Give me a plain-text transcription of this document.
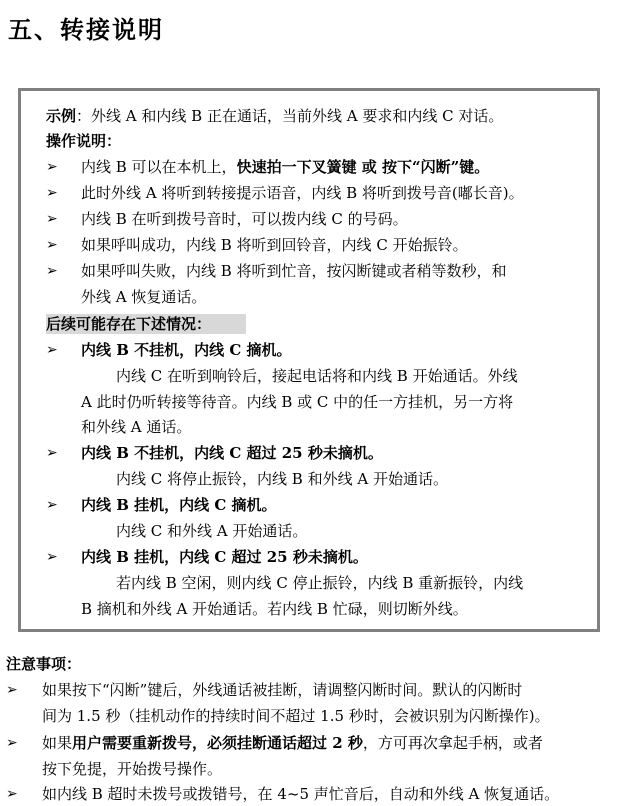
五、转接说明
示例：外线 A 和内线 B 正在通话，当前外线 A 要求和内线 C 对话。
操作说明：
➢ 内线 B 可以在本机上，快速拍一下叉簧键 或 按下“闪断”键。
➢ 此时外线 A 将听到转接提示语音，内线 B 将听到拨号音(嘟长音)。
➢ 内线 B 在听到拨号音时，可以拨内线 C 的号码。
➢ 如果呼叫成功，内线 B 将听到回铃音，内线 C 开始振铃。
➢ 如果呼叫失败，内线 B 将听到忙音，按闪断键或者稍等数秒，和
外线 A 恢复通话。
后续可能存在下述情况：
➢ 内线 B 不挂机，内线 C 摘机。
内线 C 在听到响铃后，接起电话将和内线 B 开始通话。外线
A 此时仍听转接等待音。内线 B 或 C 中的任一方挂机，另一方将
和外线 A 通话。
➢ 内线 B 不挂机，内线 C 超过 25 秒未摘机。
内线 C 将停止振铃，内线 B 和外线 A 开始通话。
➢ 内线 B 挂机，内线 C 摘机。
内线 C 和外线 A 开始通话。
➢ 内线 B 挂机，内线 C 超过 25 秒未摘机。
若内线 B 空闲，则内线 C 停止振铃，内线 B 重新振铃，内线
B 摘机和外线 A 开始通话。若内线 B 忙碌，则切断外线。
注意事项：
➢ 如果按下“闪断”键后，外线通话被挂断，请调整闪断时间。默认的闪断时
间为 1.5 秒（挂机动作的持续时间不超过 1.5 秒时，会被识别为闪断操作)。
➢ 如果用户需要重新拨号，必须挂断通话超过 2 秒，方可再次拿起手柄，或者
按下免提，开始拨号操作。
➢ 如内线 B 超时未拨号或拨错号，在 4~5 声忙音后，自动和外线 A 恢复通话。
